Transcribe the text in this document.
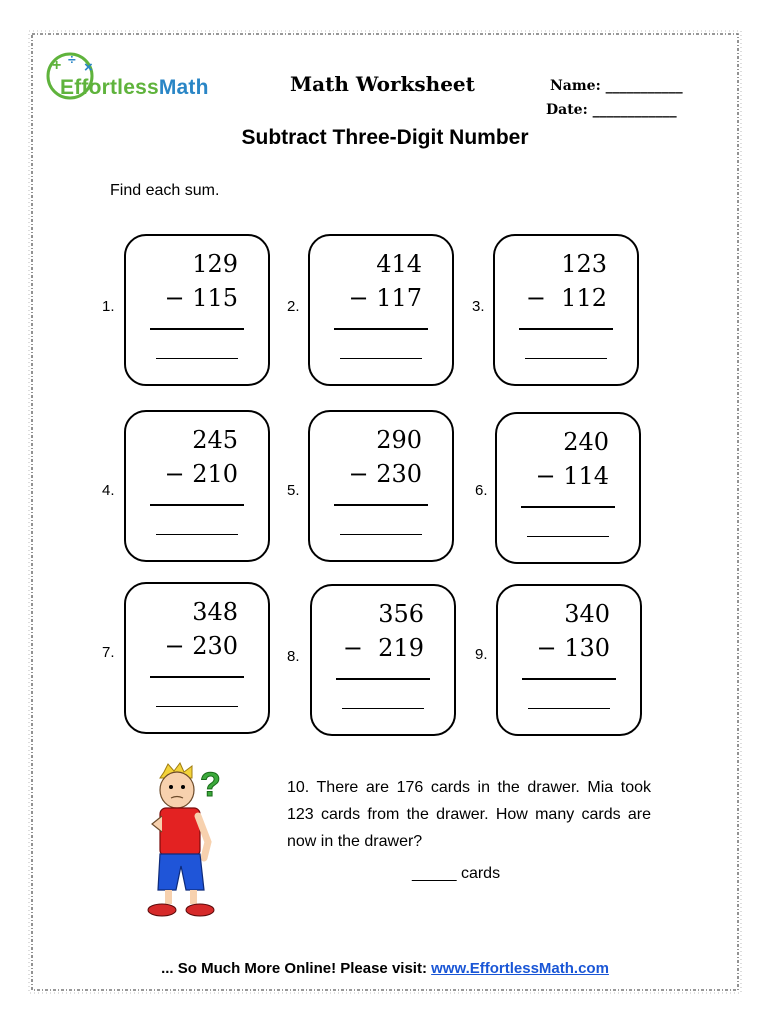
+ ÷ ×
EffortlessMath	Math Worksheet	Name: ___________
Date: ____________
Subtract Three-Digit Number
Find each sum.
1.
129
− 115	2.
414
− 117	3.
123
−  112
4.
245
− 210
5.
290
− 230
6.
240
− 114
7.
348
− 230	8.
356
−  219	9.
340
− 130
?	10. There are 176 cards in the drawer. Mia took 123 cards from the drawer. How many cards are now in the drawer?
_____ cards
... So Much More Online! Please visit: www.EffortlessMath.com
